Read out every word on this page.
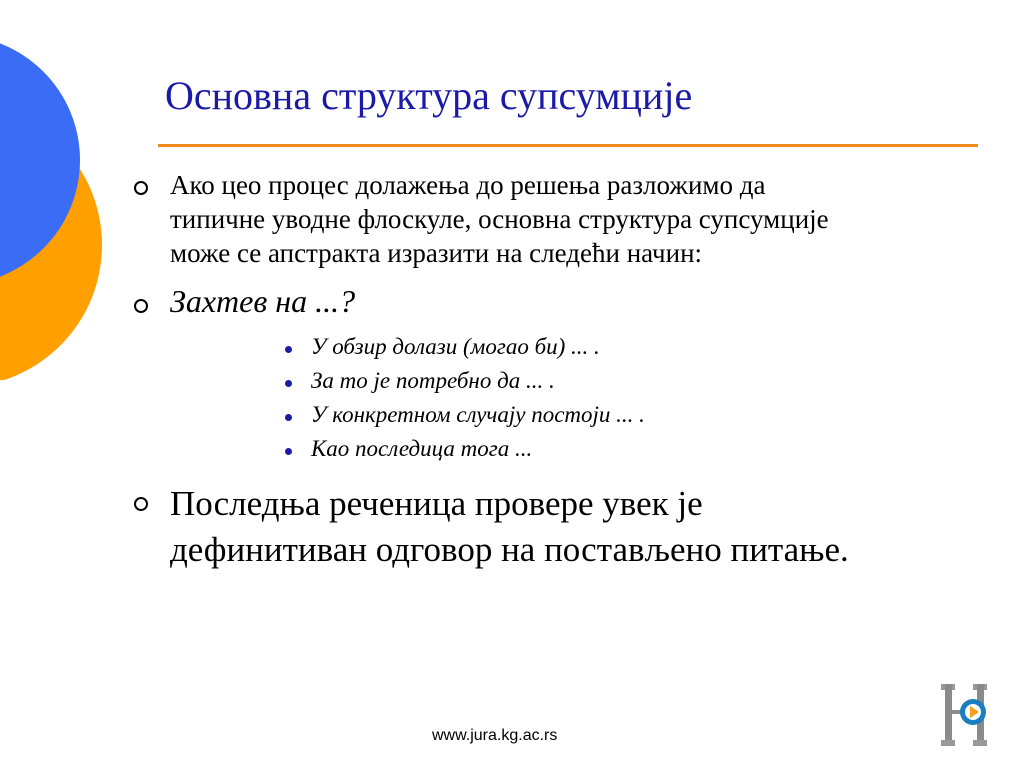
Основна структура супсумције
Ако цео процес долажења до решења разложимо да
типичне уводне флоскуле, основна структура супсумције
може се апстракта изразити на следећи начин:
Захтев на ...?
У обзир долази (могао би) ... .
За то је потребно да ... .
У конкретном случају постоји ... .
Као последица тога ...
Последња реченица провере увек је
дефинитиван одговор на постављено питање.
www.jura.kg.ac.rs
